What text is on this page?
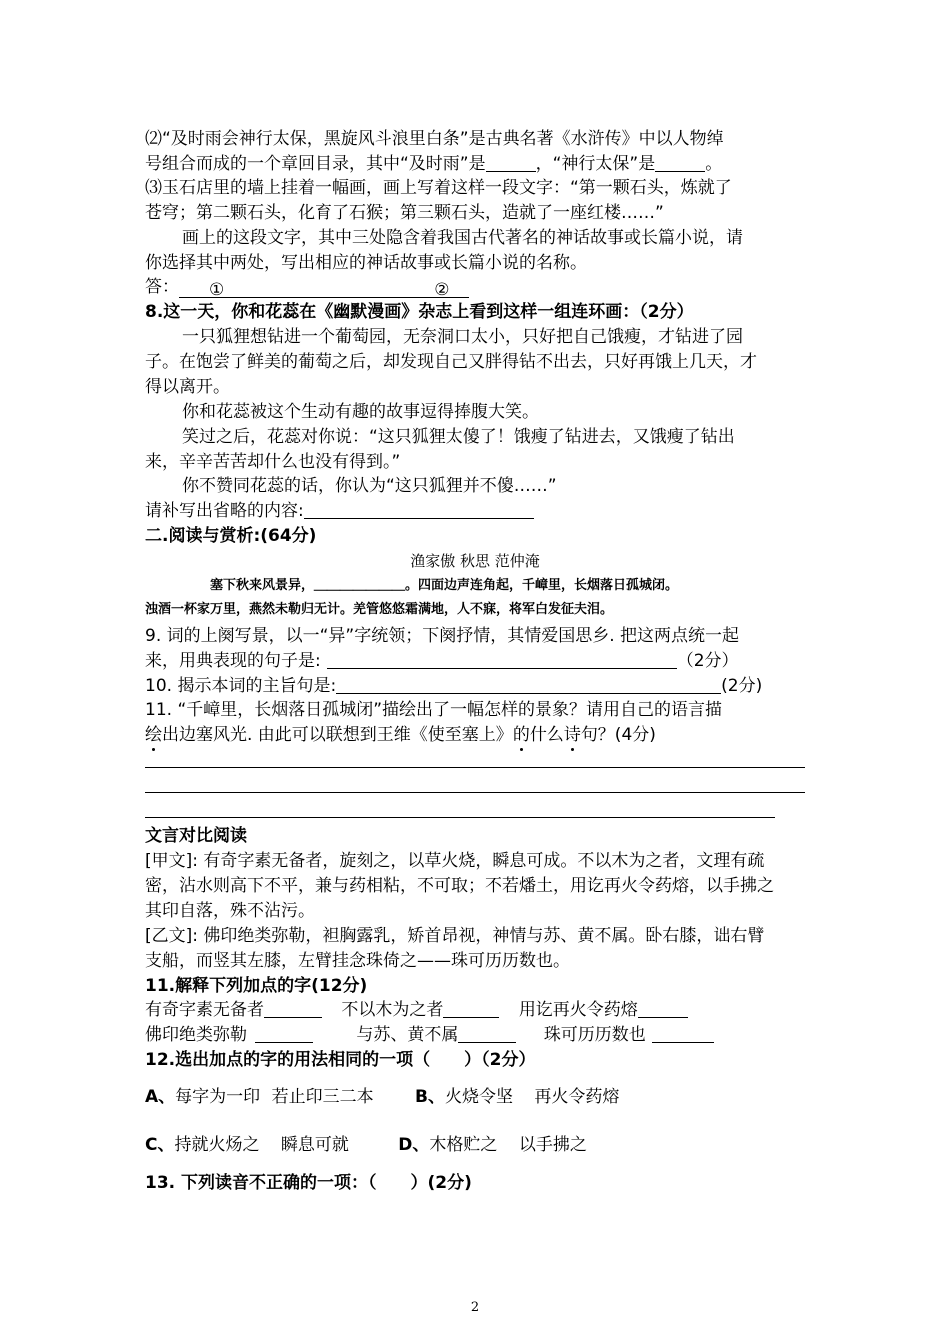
⑵“及时雨会神行太保，黑旋风斗浪里白条”是古典名著《水浒传》中以人物绰
号组合而成的一个章回目录，其中“及时雨”是	，“神行太保”是	。
⑶玉石店里的墙上挂着一幅画，画上写着这样一段文字：“第一颗石头，炼就了
苍穹；第二颗石头，化育了石猴；第三颗石头，造就了一座红楼……”
画上的这段文字，其中三处隐含着我国古代著名的神话故事或长篇小说，请
你选择其中两处，写出相应的神话故事或长篇小说的名称。
答： ①	②
8.这一天，你和花蕊在《幽默漫画》杂志上看到这样一组连环画：（2分）
一只狐狸想钻进一个葡萄园，无奈洞口太小，只好把自己饿瘦，才钻进了园
子。在饱尝了鲜美的葡萄之后，却发现自己又胖得钻不出去，只好再饿上几天，才
得以离开。
你和花蕊被这个生动有趣的故事逗得捧腹大笑。
笑过之后，花蕊对你说：“这只狐狸太傻了！饿瘦了钻进去，又饿瘦了钻出
来，辛辛苦苦却什么也没有得到。”
你不赞同花蕊的话，你认为“这只狐狸并不傻……”
请补写出省略的内容:
二.阅读与赏析:(64分)
渔家傲 秋思 范仲淹
塞下秋来风景异，＿＿＿＿＿＿＿。四面边声连角起，千嶂里，长烟落日孤城闭。
浊酒一杯家万里，燕然未勒归无计。羌管悠悠霜满地，人不寐，将军白发征夫泪。
9. 词的上阕写景，以一“异”字统领；下阕抒情，其情爱国思乡. 把这两点统一起
来，用典表现的句子是:	（2分）
10. 揭示本词的主旨句是:	(2分)
11. “千嶂里，长烟落日孤城闭”描绘出了一幅怎样的景象？请用自己的语言描
绘出边塞风光. 由此可以联想到王维《使至塞上》的什么诗句？(4分)
文言对比阅读
[甲文]: 有奇字素无备者，旋刻之，以草火烧，瞬息可成。不以木为之者，文理有疏
密，沾水则高下不平，兼与药相粘，不可取；不若燔土，用讫再火令药熔，以手拂之
其印自落，殊不沾污。
[乙文]: 佛印绝类弥勒，袒胸露乳，矫首昂视，神情与苏、黄不属。卧右膝，诎右臂
支船，而竖其左膝，左臂挂念珠倚之——珠可历历数也。
11.解释下列加点的字(12分)
有奇字素无备者	不以木为之者	用讫再火令药熔
佛印绝类弥勒	与苏、黄不属	珠可历历数也
12.选出加点的字的用法相同的一项（　　）（2分）
A、每字为一印 若止印三二本 B、火烧令坚 再火令药熔
C、持就火炀之 瞬息可就	D、木格贮之 以手拂之
13. 下列读音不正确的一项：（　　）(2分)
2
